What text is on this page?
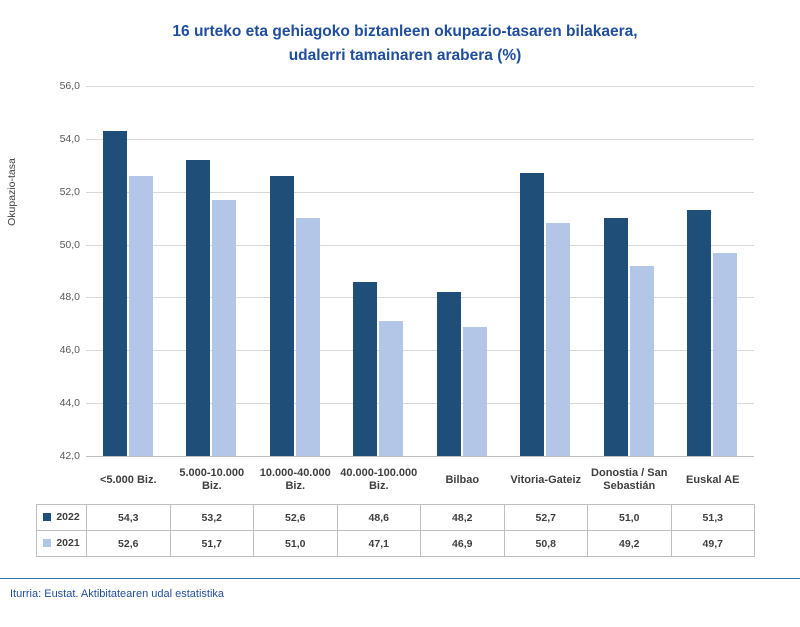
16 urteko eta gehiagoko biztanleen okupazio-tasaren bilakaera,
udalerri tamainaren arabera (%)
Okupazio-tasa
56,0
54,0
52,0
50,0
48,0
46,0
44,0
42,0
	<5.000 Biz.	5.000-10.000 Biz.	10.000-40.000 Biz.	40.000-100.000 Biz.	Bilbao	Vitoria-Gateiz	Donostia / San Sebastián	Euskal AE
2022	54,3	53,2	52,6	48,6	48,2	52,7	51,0	51,3
2021	52,6	51,7	51,0	47,1	46,9	50,8	49,2	49,7
Iturria: Eustat. Aktibitatearen udal estatistika
